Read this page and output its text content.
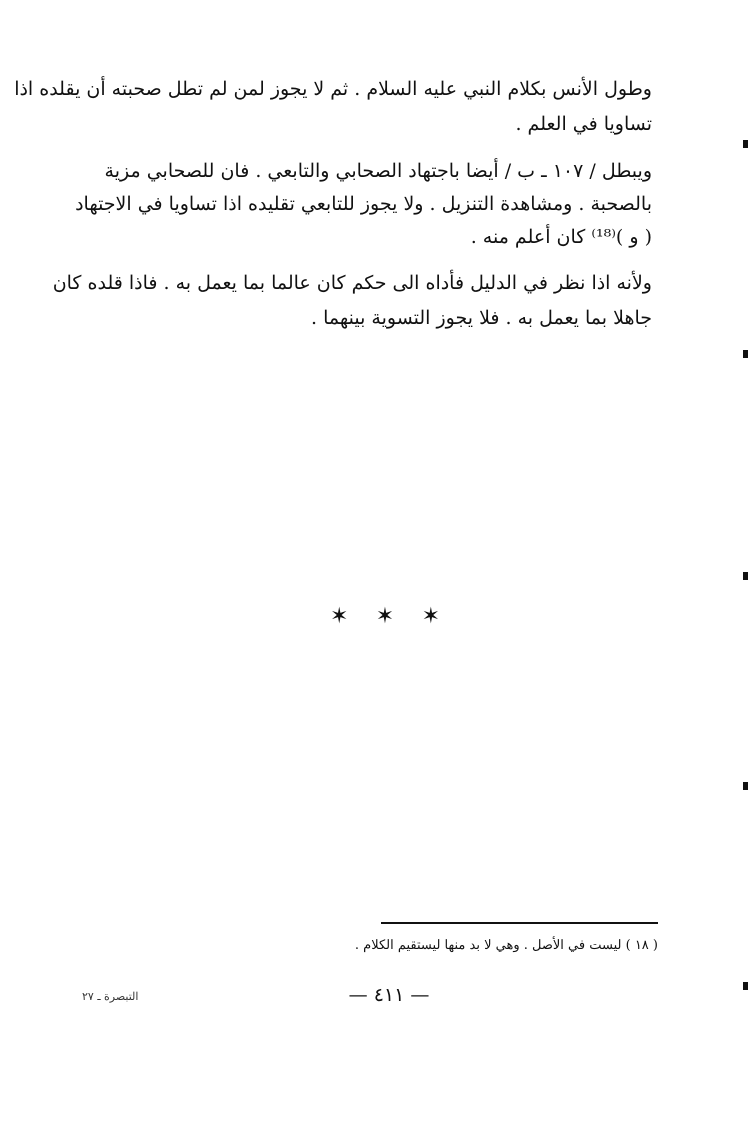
وطول الأنس بكلام النبي عليه السلام . ثم لا يجوز لمن لم تطل صحبته أن يقلده اذا
تساويا في العلم .
ويبطل / ١٠٧ ـ ب / أيضا باجتهاد الصحابي والتابعي . فان للصحابي مزية
بالصحبة . ومشاهدة التنزيل . ولا يجوز للتابعي تقليده اذا تساويا في الاجتهاد
( و )⁽¹⁸⁾ كان أعلم منه .
ولأنه اذا نظر في الدليل فأداه الى حكم كان عالما بما يعمل به . فاذا قلده كان
جاهلا بما يعمل به . فلا يجوز التسوية بينهما .
✶ ✶ ✶
( ١٨ ) ليست في الأصل . وهي لا بد منها ليستقيم الكلام .
— ٤١١ —
التبصرة ـ ٢٧
